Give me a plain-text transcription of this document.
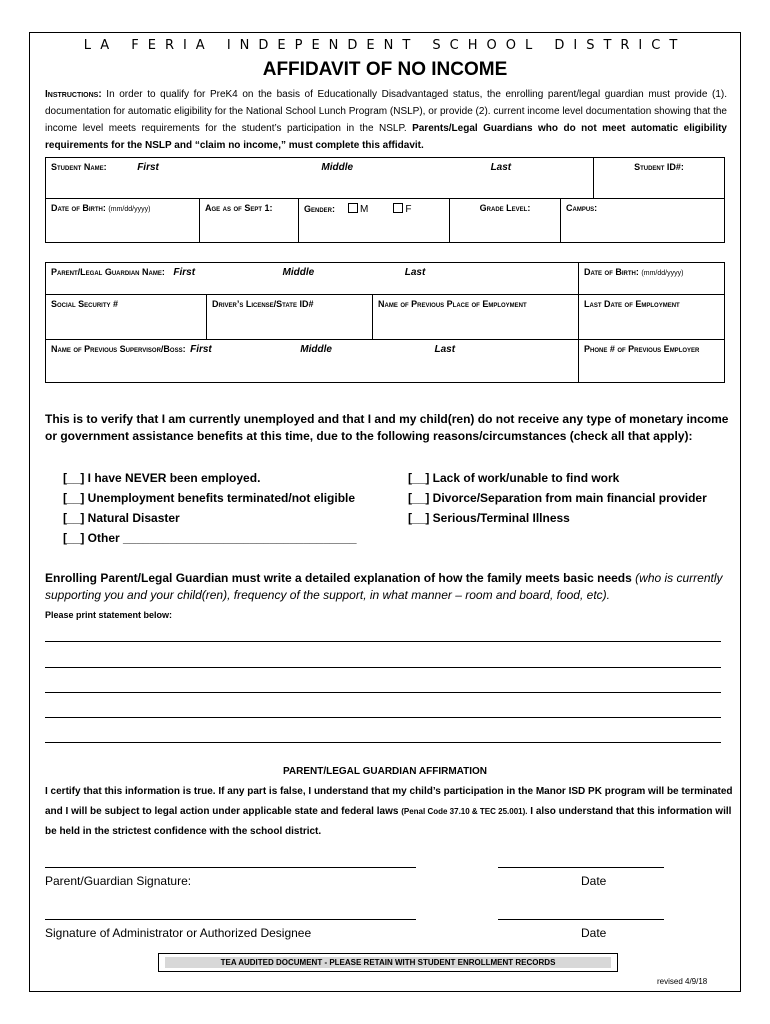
LA FERIA INDEPENDENT SCHOOL DISTRICT
AFFIDAVIT OF NO INCOME
Instructions: In order to qualify for PreK4 on the basis of Educationally Disadvantaged status, the enrolling parent/legal guardian must provide (1). documentation for automatic eligibility for the National School Lunch Program (NSLP), or provide (2). current income level documentation showing that the income level meets requirements for the student’s participation in the NSLP. Parents/Legal Guardians who do not meet automatic eligibility requirements for the NSLP and “claim no income,” must complete this affidavit.
Student Name: First Middle Last					Student ID#:
Date of Birth: (mm/dd/yyyy)	Age as of Sept 1:	Gender: M F	Grade Level:	Campus:	
Parent/Legal Guardian Name: First Middle Last			Date of Birth: (mm/dd/yyyy)
Social Security #	Driver’s License/State ID#	Name of Previous Place of Employment	Last Date of Employment
Name of Previous Supervisor/Boss: First Middle Last			Phone # of Previous Employer
This is to verify that I am currently unemployed and that I and my child(ren) do not receive any type of monetary income or government assistance benefits at this time, due to the following reasons/circumstances (check all that apply):
[__] I have NEVER been employed.
[__] Unemployment benefits terminated/not eligible
[__] Natural Disaster
[__] Other ___________________________________
[__] Lack of work/unable to find work
[__] Divorce/Separation from main financial provider
[__] Serious/Terminal Illness
Enrolling Parent/Legal Guardian must write a detailed explanation of how the family meets basic needs (who is currently supporting you and your child(ren), frequency of the support, in what manner – room and board, food, etc).
Please print statement below:
PARENT/LEGAL GUARDIAN AFFIRMATION
I certify that this information is true. If any part is false, I understand that my child’s participation in the Manor ISD PK program will be terminated and I will be subject to legal action under applicable state and federal laws (Penal Code 37.10 & TEC 25.001). I also understand that this information will be held in the strictest confidence with the school district.
Parent/Guardian Signature:	Date
Signature of Administrator or Authorized Designee	Date
TEA AUDITED DOCUMENT - PLEASE RETAIN WITH STUDENT ENROLLMENT RECORDS
revised 4/9/18
